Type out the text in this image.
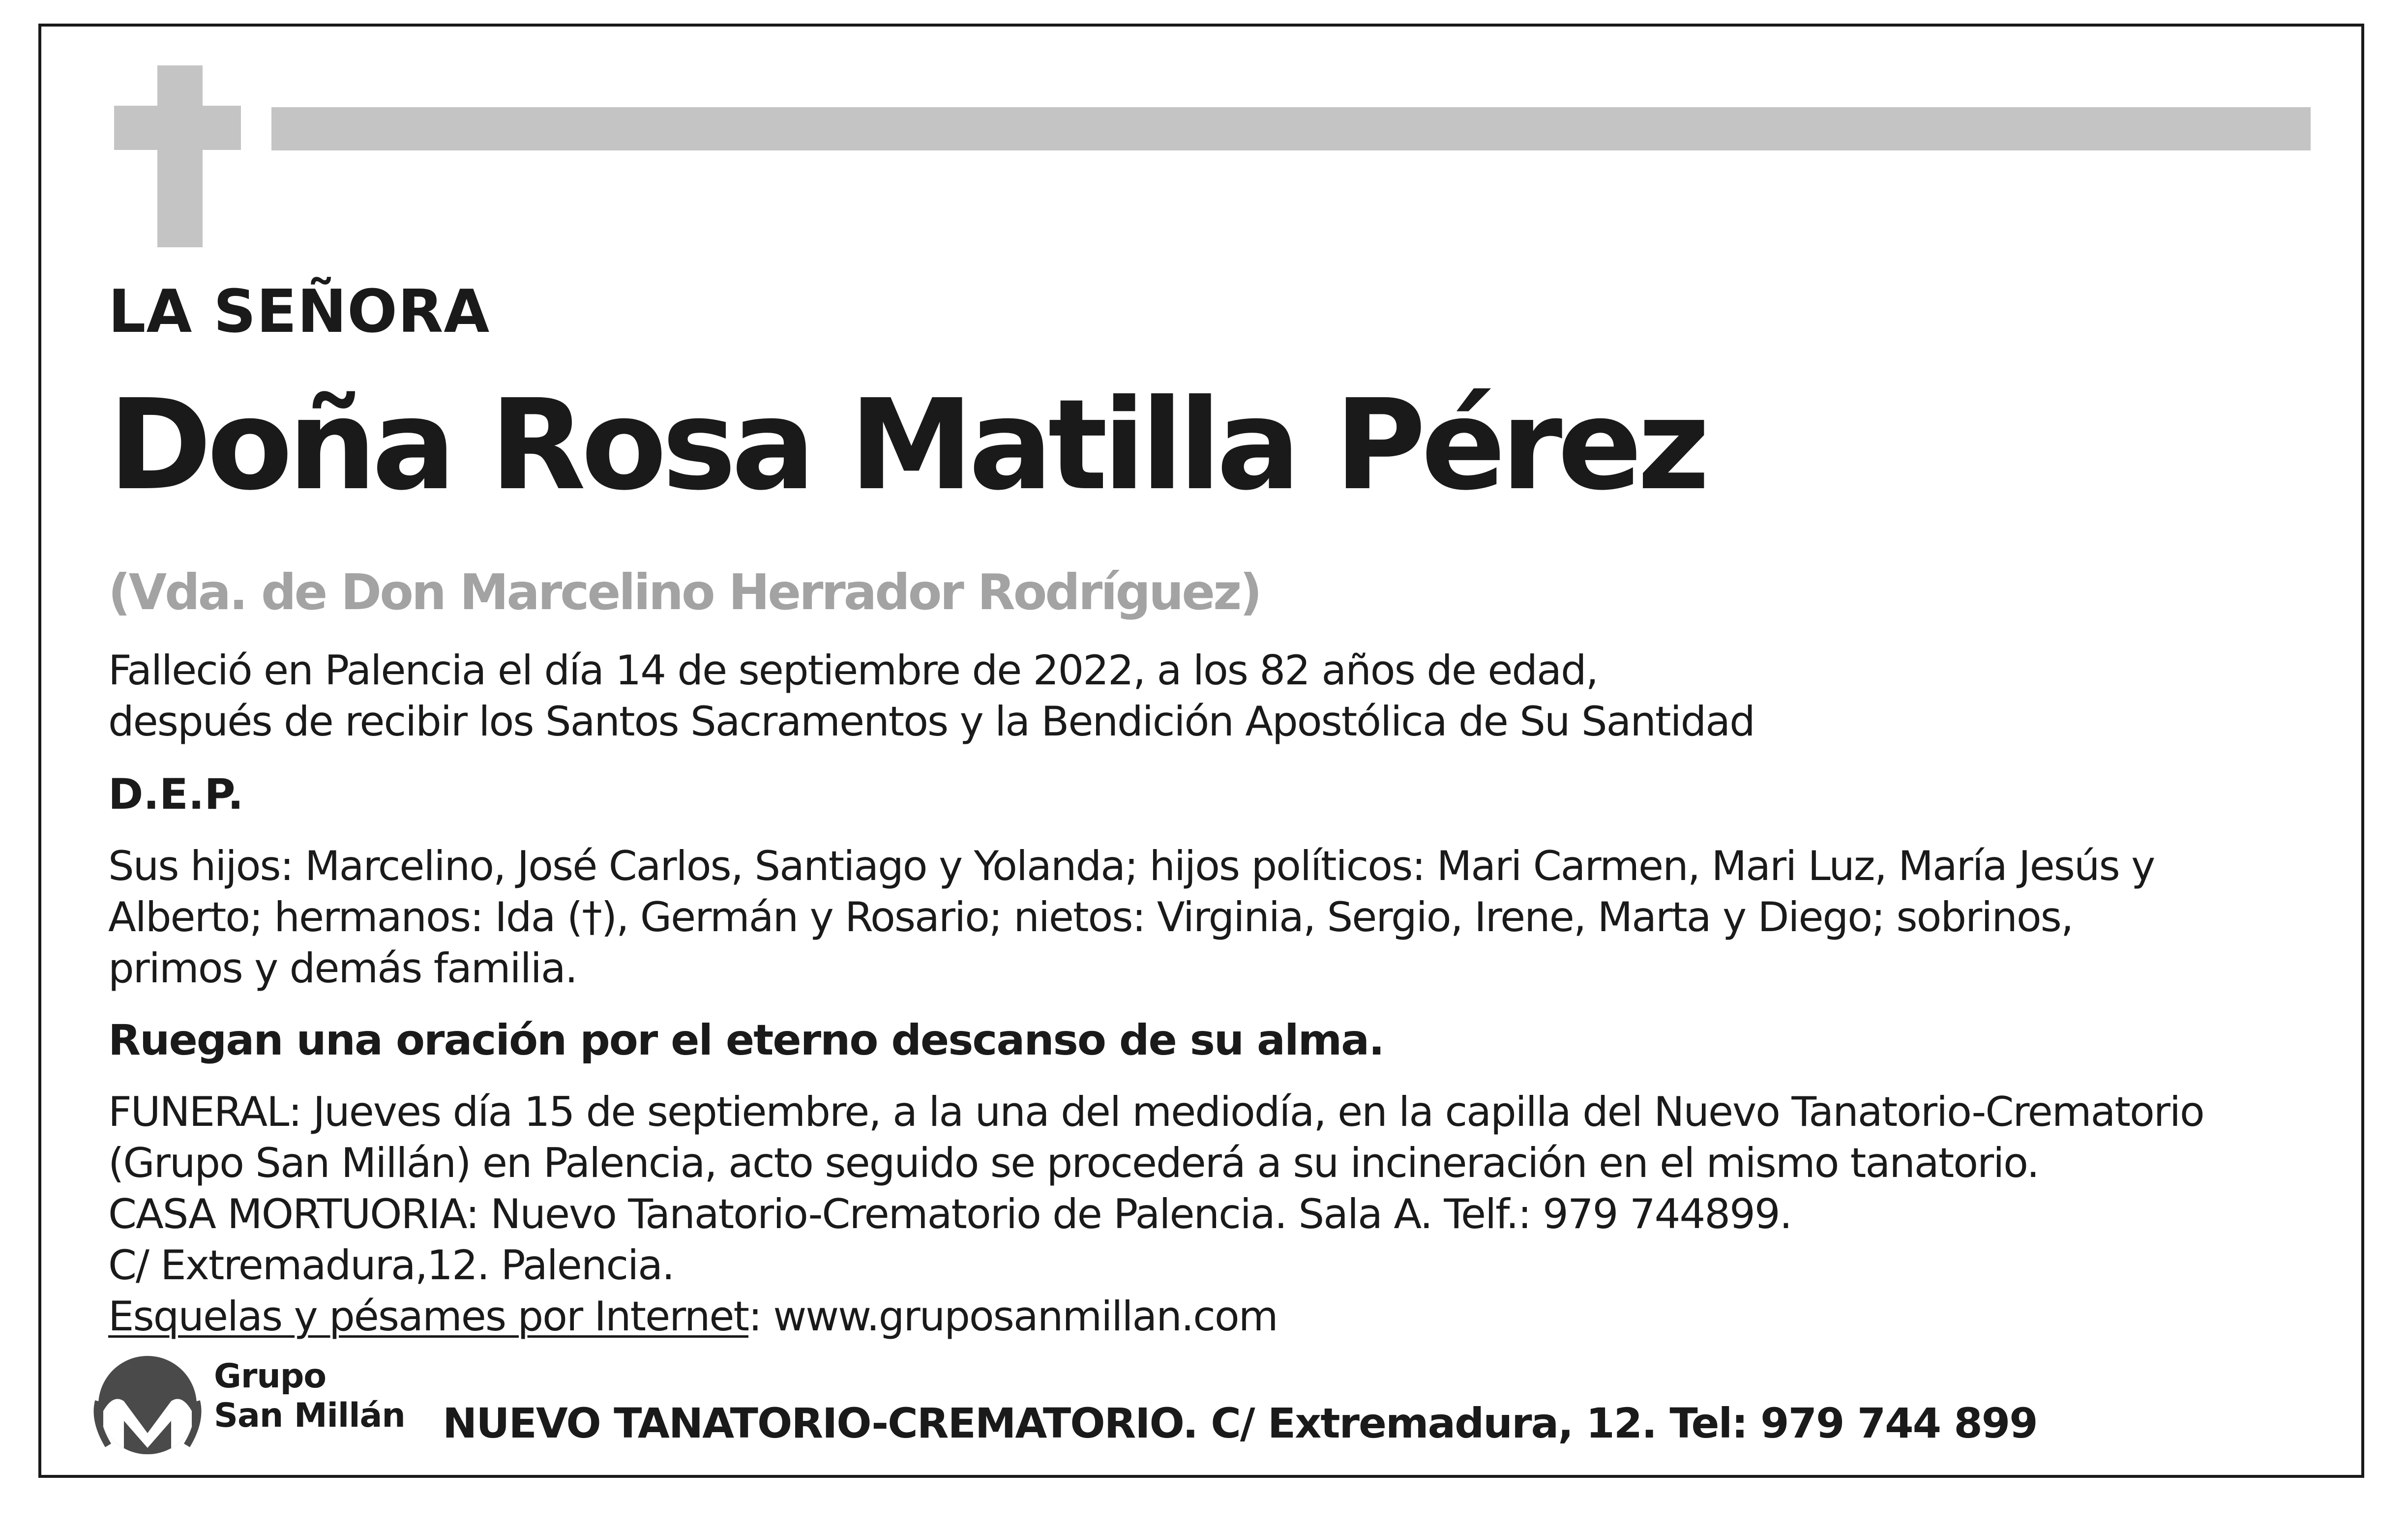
LA SEÑORA
Doña Rosa Matilla Pérez
(Vda. de Don Marcelino Herrador Rodríguez)
Falleció en Palencia el día 14 de septiembre de 2022, a los 82 años de edad,
después de recibir los Santos Sacramentos y la Bendición Apostólica de Su Santidad
D.E.P.
Sus hijos: Marcelino, José Carlos, Santiago y Yolanda; hijos políticos: Mari Carmen, Mari Luz, María Jesús y
Alberto; hermanos: Ida (†), Germán y Rosario; nietos: Virginia, Sergio, Irene, Marta y Diego; sobrinos,
primos y demás familia.
Ruegan una oración por el eterno descanso de su alma.
FUNERAL: Jueves día 15 de septiembre, a la una del mediodía, en la capilla del Nuevo Tanatorio-Crematorio
(Grupo San Millán) en Palencia, acto seguido se procederá a su incineración en el mismo tanatorio.
CASA MORTUORIA: Nuevo Tanatorio-Crematorio de Palencia. Sala A. Telf.: 979 744899.
C/ Extremadura,12. Palencia.
Esquelas y pésames por Internet: www.gruposanmillan.com
Grupo
San Millán NUEVO TANATORIO-CREMATORIO. C/ Extremadura, 12. Tel: 979 744 899
